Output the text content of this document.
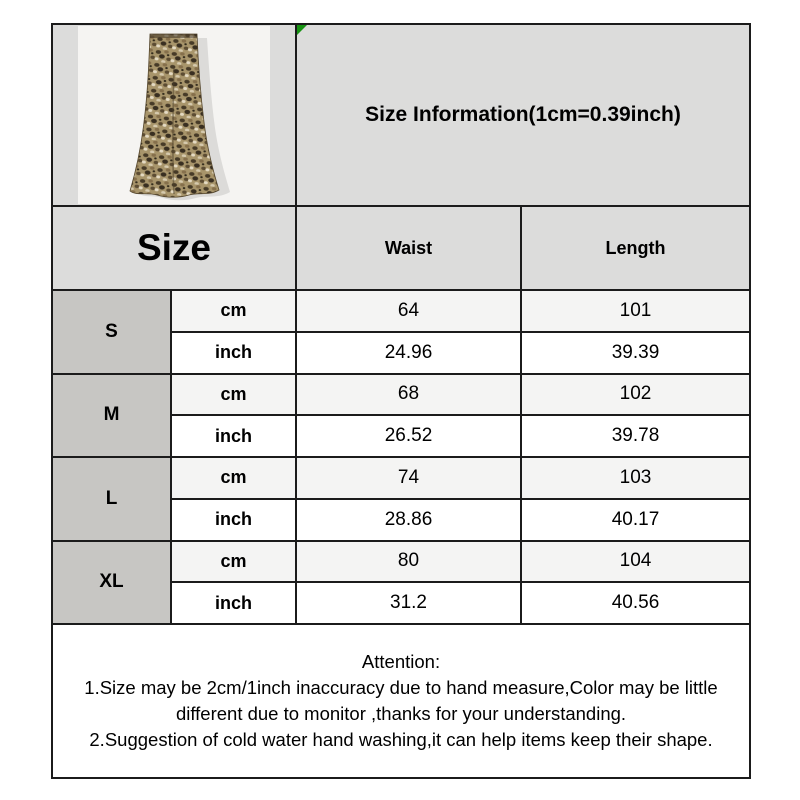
Size Information(1cm=0.39inch)	
Size		Waist	Length
S	cm	64	101
	inch	24.96	39.39
M	cm	68	102
	inch	26.52	39.78
L	cm	74	103
	inch	28.86	40.17
XL	cm	80	104
	inch	31.2	40.56

Attention:
1.Size may be 2cm/1inch inaccuracy due to hand measure,Color may be little different due to monitor ,thanks for your understanding.
2.Suggestion of cold water hand washing,it can help items keep their shape.			
